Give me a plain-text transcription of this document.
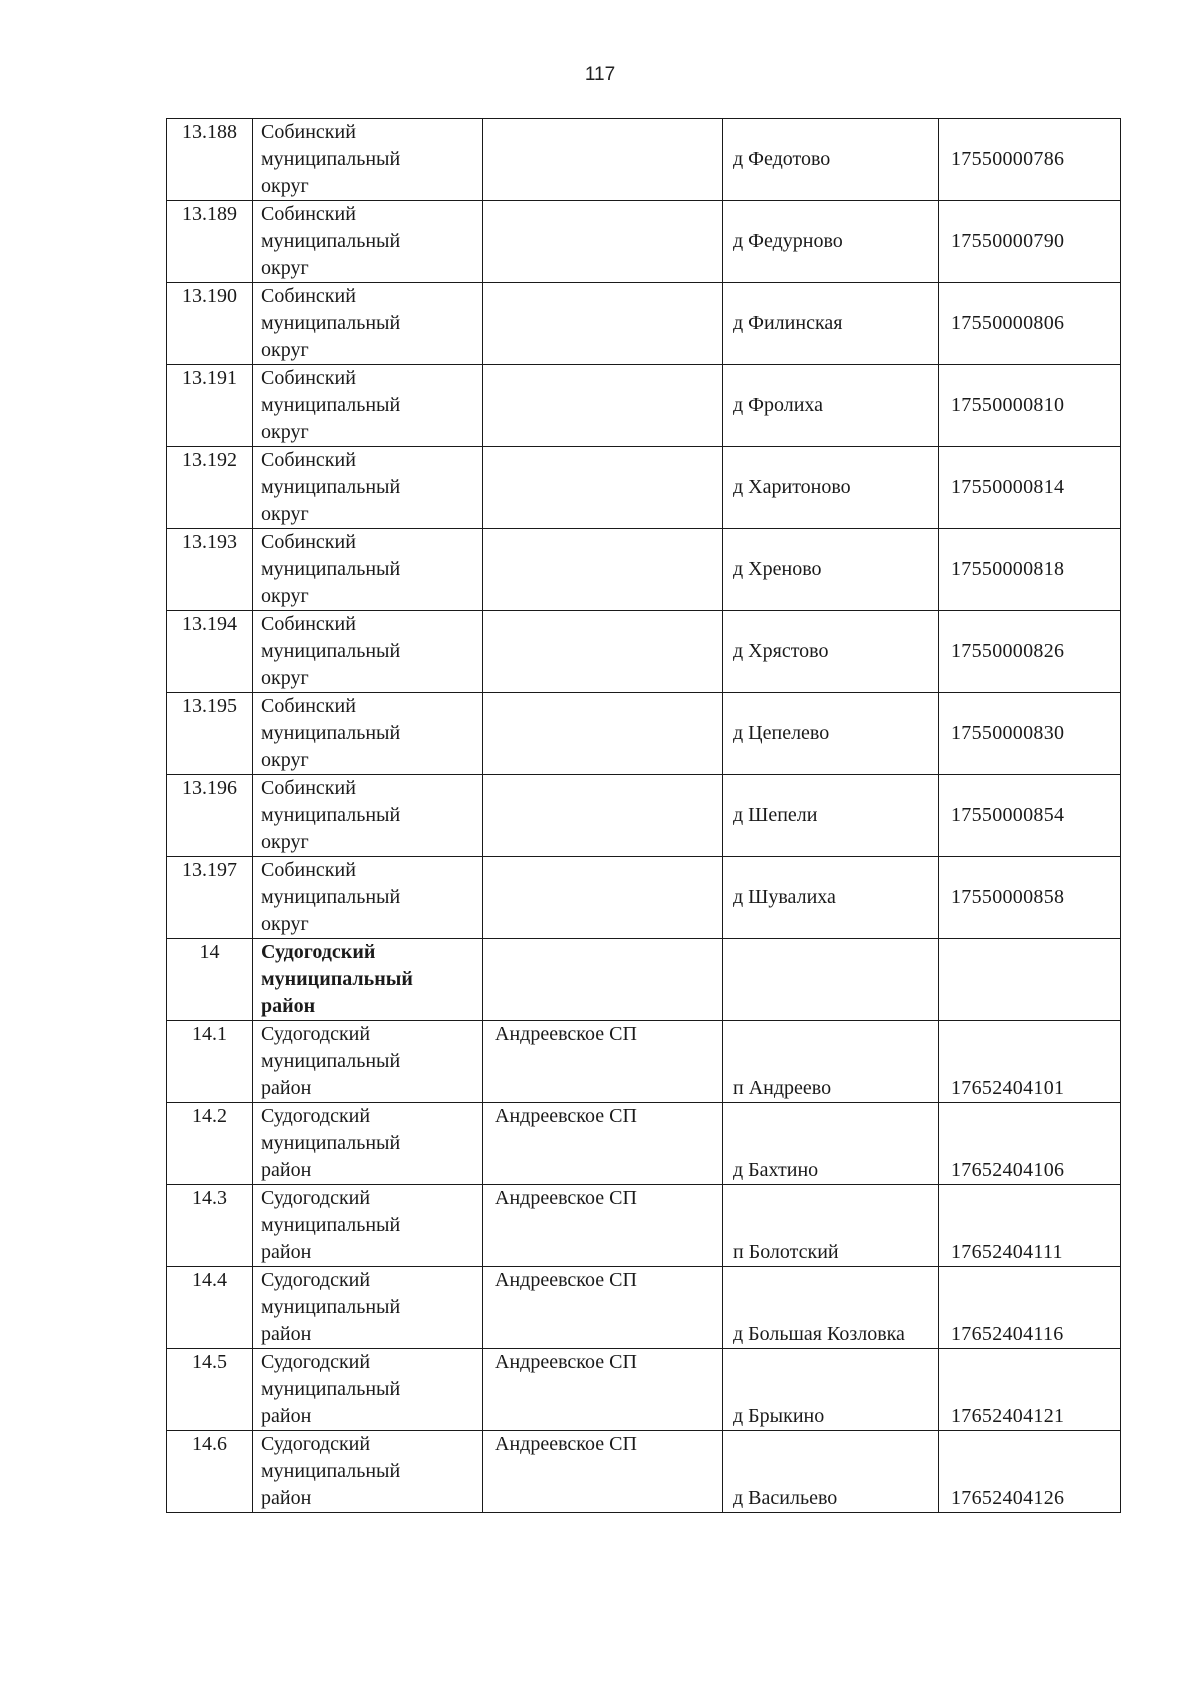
117
13.188	Собинский
муниципальный
округ		д Федотово	17550000786
13.189	Собинский
муниципальный
округ		д Федурново	17550000790
13.190	Собинский
муниципальный
округ		д Филинская	17550000806
13.191	Собинский
муниципальный
округ		д Фролиха	17550000810
13.192	Собинский
муниципальный
округ		д Харитоново	17550000814
13.193	Собинский
муниципальный
округ		д Хреново	17550000818
13.194	Собинский
муниципальный
округ		д Хрястово	17550000826
13.195	Собинский
муниципальный
округ		д Цепелево	17550000830
13.196	Собинский
муниципальный
округ		д Шепели	17550000854
13.197	Собинский
муниципальный
округ		д Шувалиха	17550000858
14	Судогодский
муниципальный
район			

14.1	Судогодский
муниципальный
район	Андреевское СП	п Андреево	17652404101
14.2	Судогодский
муниципальный
район	Андреевское СП	д Бахтино	17652404106
14.3	Судогодский
муниципальный
район	Андреевское СП	п Болотский	17652404111
14.4	Судогодский
муниципальный
район	Андреевское СП	д Большая Козловка	17652404116
14.5	Судогодский
муниципальный
район	Андреевское СП	д Брыкино	17652404121
14.6	Судогодский
муниципальный
район	Андреевское СП	д Васильево	17652404126
